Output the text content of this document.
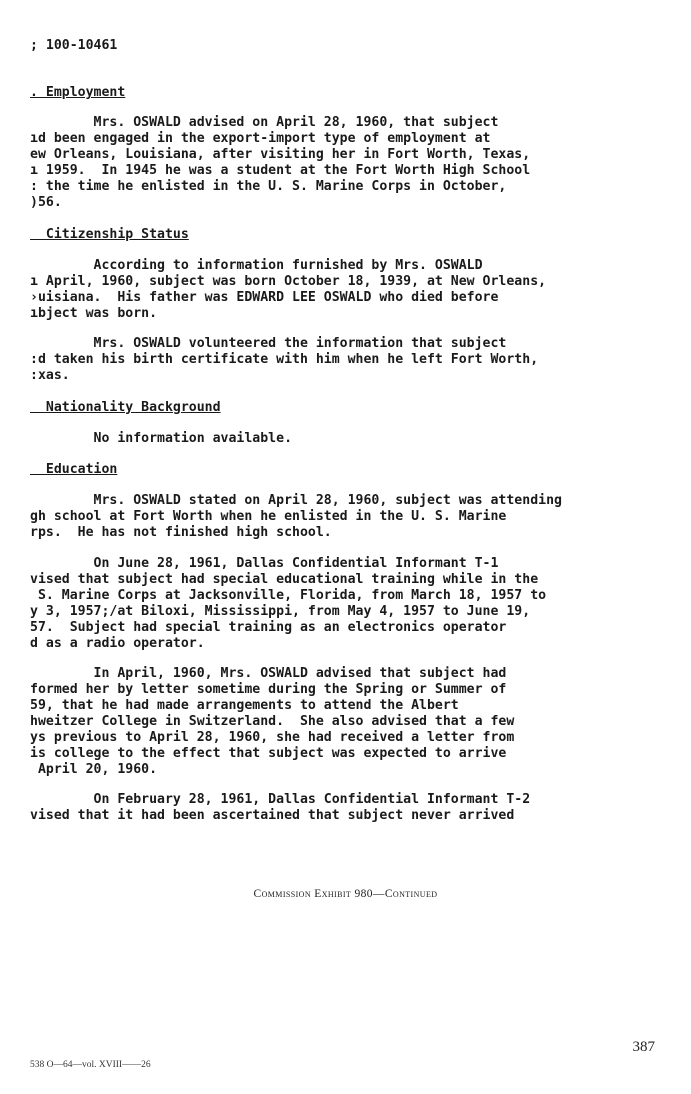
; 100-10461
. Employment
Mrs. OSWALD advised on April 28, 1960, that subject
ıd been engaged in the export-import type of employment at
ew Orleans, Louisiana, after visiting her in Fort Worth, Texas,
ı 1959.  In 1945 he was a student at the Fort Worth High School
: the time he enlisted in the U. S. Marine Corps in October,
)56.
Citizenship Status
According to information furnished by Mrs. OSWALD
ı April, 1960, subject was born October 18, 1939, at New Orleans,
›uisiana.  His father was EDWARD LEE OSWALD who died before
ıbject was born.
Mrs. OSWALD volunteered the information that subject
:d taken his birth certificate with him when he left Fort Worth,
:xas.
Nationality Background
No information available.
Education
Mrs. OSWALD stated on April 28, 1960, subject was attending
gh school at Fort Worth when he enlisted in the U. S. Marine
rps.  He has not finished high school.
On June 28, 1961, Dallas Confidential Informant T-1
vised that subject had special educational training while in the
S. Marine Corps at Jacksonville, Florida, from March 18, 1957 to
y 3, 1957;/at Biloxi, Mississippi, from May 4, 1957 to June 19,
57.  Subject had special training as an electronics operator
d as a radio operator.
In April, 1960, Mrs. OSWALD advised that subject had
formed her by letter sometime during the Spring or Summer of
59, that he had made arrangements to attend the Albert
hweitzer College in Switzerland.  She also advised that a few
ys previous to April 28, 1960, she had received a letter from
is college to the effect that subject was expected to arrive
April 20, 1960.
On February 28, 1961, Dallas Confidential Informant T-2
vised that it had been ascertained that subject never arrived
Commission Exhibit 980—Continued
387
538 O—64—vol. XVIII——26
